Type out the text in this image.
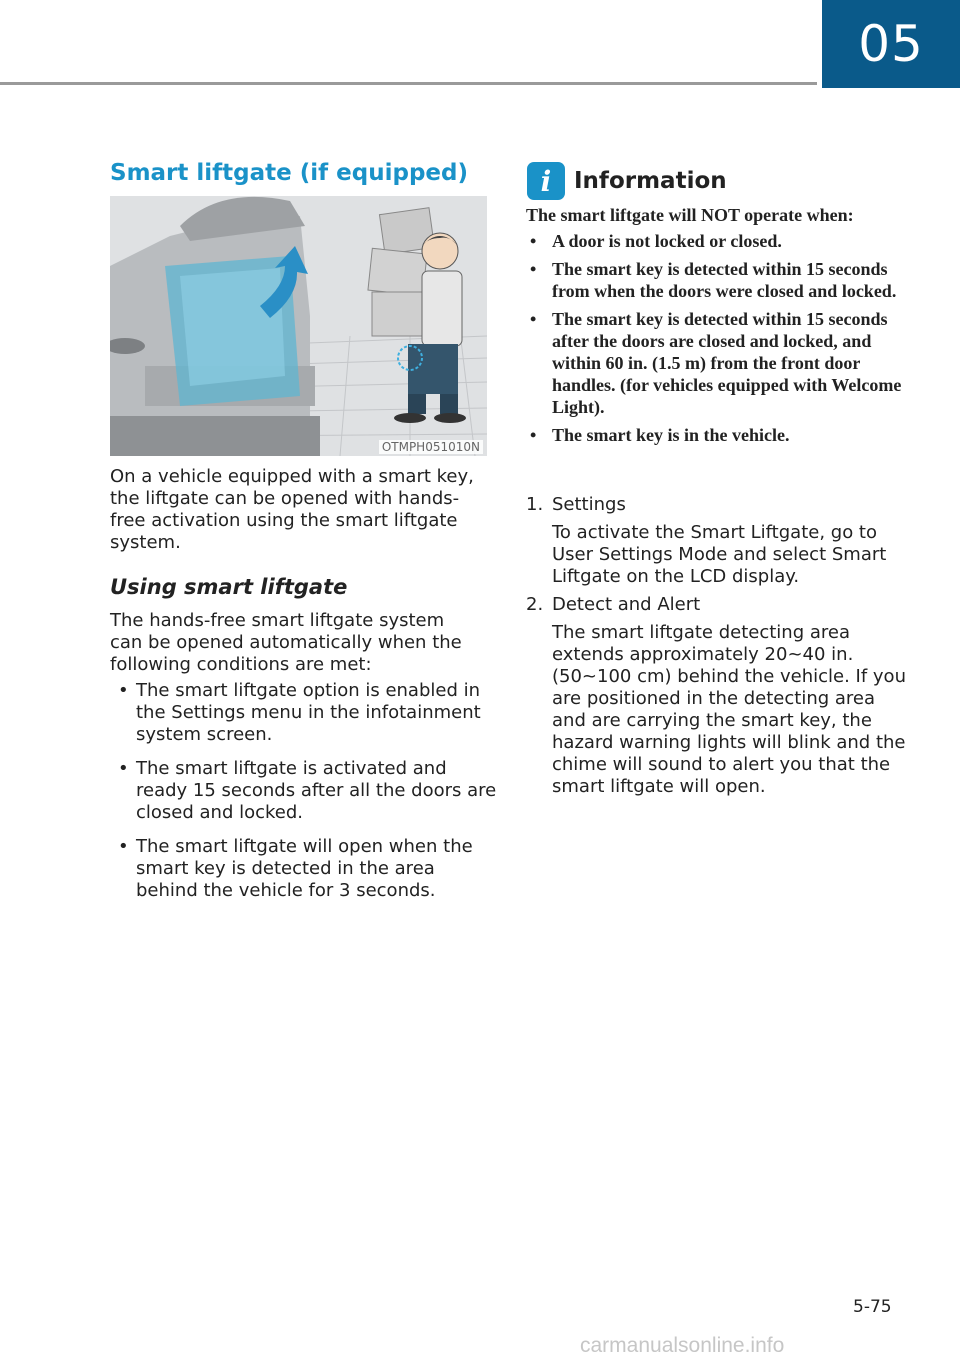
05
Smart liftgate (if equipped)
OTMPH051010N
On a vehicle equipped with a smart key, the liftgate can be opened with hands-free activation using the smart liftgate system.
Using smart liftgate
The hands-free smart liftgate system can be opened automatically when the following conditions are met:
• The smart liftgate option is enabled in the Settings menu in the infotainment system screen.
• The smart liftgate is activated and ready 15 seconds after all the doors are closed and locked.
• The smart liftgate will open when the smart key is detected in the area behind the vehicle for 3 seconds.
i Information
The smart liftgate will NOT operate when:
• A door is not locked or closed.
• The smart key is detected within 15 seconds from when the doors were closed and locked.
• The smart key is detected within 15 seconds after the doors are closed and locked, and within 60 in. (1.5 m) from the front door handles. (for vehicles equipped with Welcome Light).
• The smart key is in the vehicle.
1. Settings
To activate the Smart Liftgate, go to User Settings Mode and select Smart Liftgate on the LCD display.
2. Detect and Alert
The smart liftgate detecting area extends approximately 20~40 in. (50~100 cm) behind the vehicle. If you are positioned in the detecting area and are carrying the smart key, the hazard warning lights will blink and the chime will sound to alert you that the smart liftgate will open.
5-75
carmanualsonline.info
